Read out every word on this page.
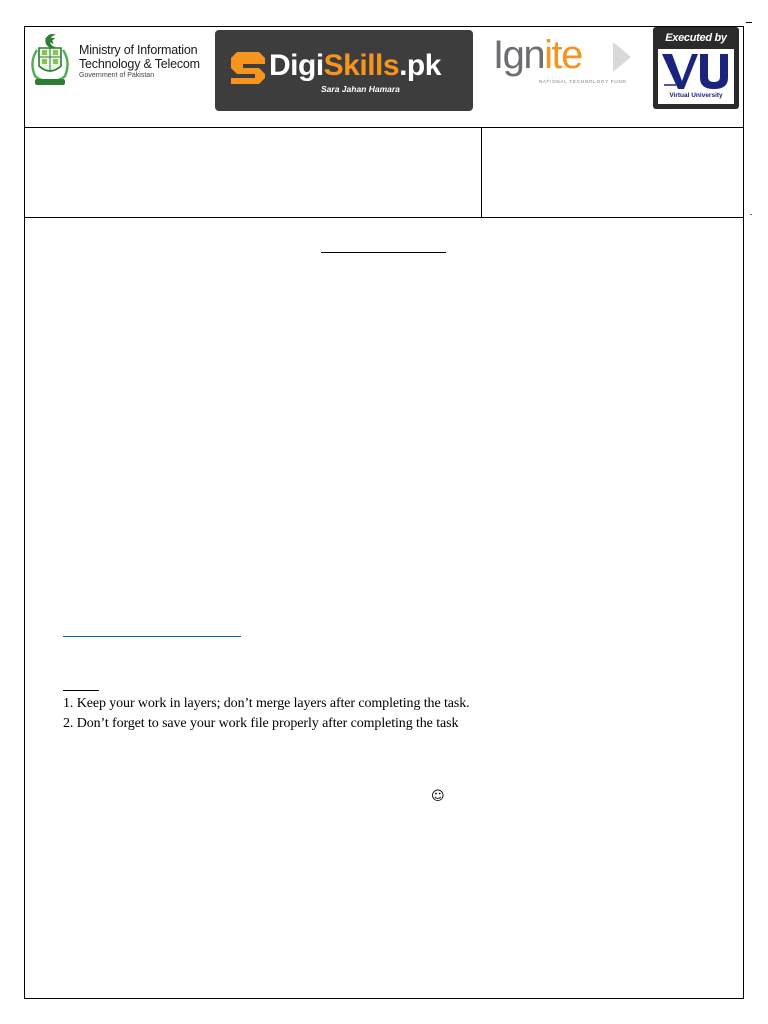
Ministry of Information
Technology & Telecom
Government of Pakistan	DigiSkills.pk
Sara Jahan Hamara
Ignite
NATIONAL TECHNOLOGY FUND
Executed by
Virtual University
1. Keep your work in layers; don’t merge layers after completing the task.
2. Don’t forget to save your work file properly after completing the task
☺
